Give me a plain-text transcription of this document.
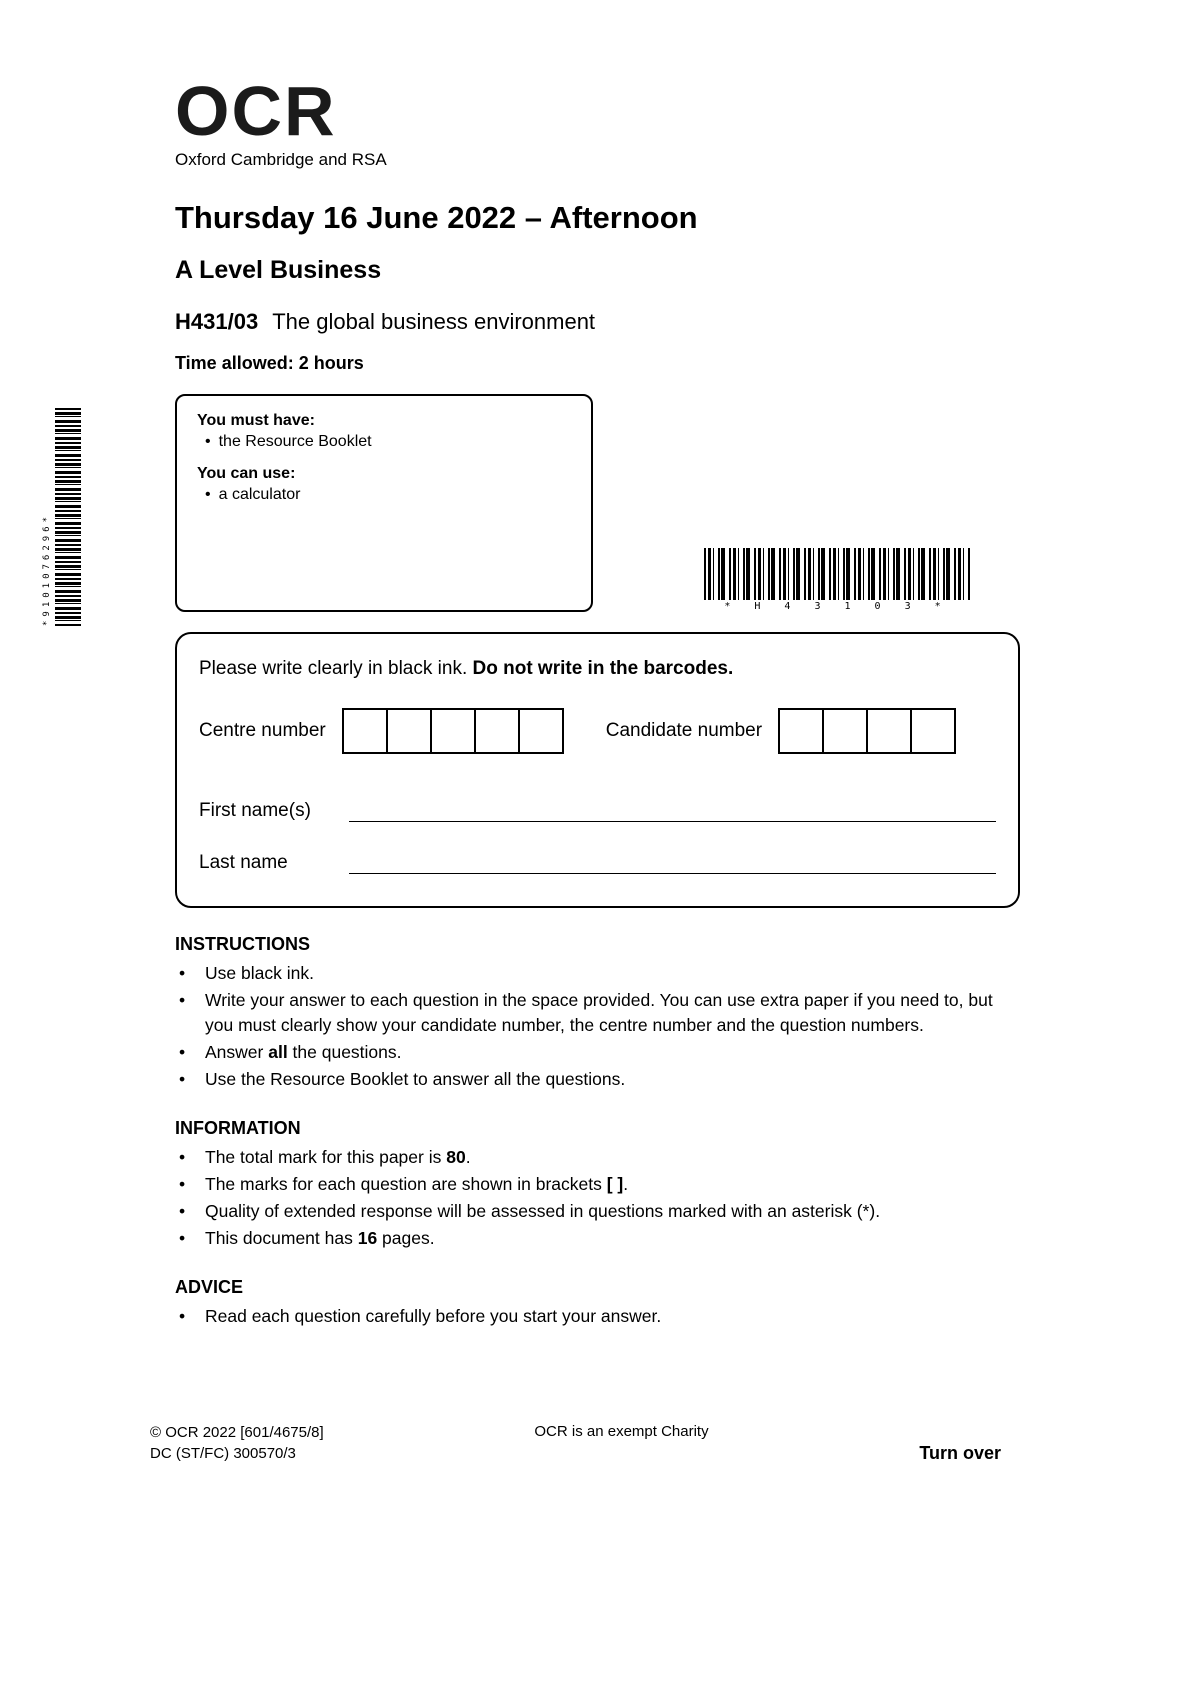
*9101076296*
OCR
Oxford Cambridge and RSA
Thursday 16 June 2022 – Afternoon
A Level Business
H431/03 The global business environment
Time allowed: 2 hours
You must have:
• the Resource Booklet
You can use:
• a calculator
* H 4 3 1 0 3 *
Please write clearly in black ink. Do not write in the barcodes.
Centre number	Candidate number
First name(s)
Last name
INSTRUCTIONS
• Use black ink.
• Write your answer to each question in the space provided. You can use extra paper if you need to, but you must clearly show your candidate number, the centre number and the question numbers.
• Answer all the questions.
• Use the Resource Booklet to answer all the questions.
INFORMATION
• The total mark for this paper is 80.
• The marks for each question are shown in brackets [ ].
• Quality of extended response will be assessed in questions marked with an asterisk (*).
• This document has 16 pages.
ADVICE
• Read each question carefully before you start your answer.
© OCR 2022 [601/4675/8]
DC (ST/FC) 300570/3
OCR is an exempt Charity
Turn over
